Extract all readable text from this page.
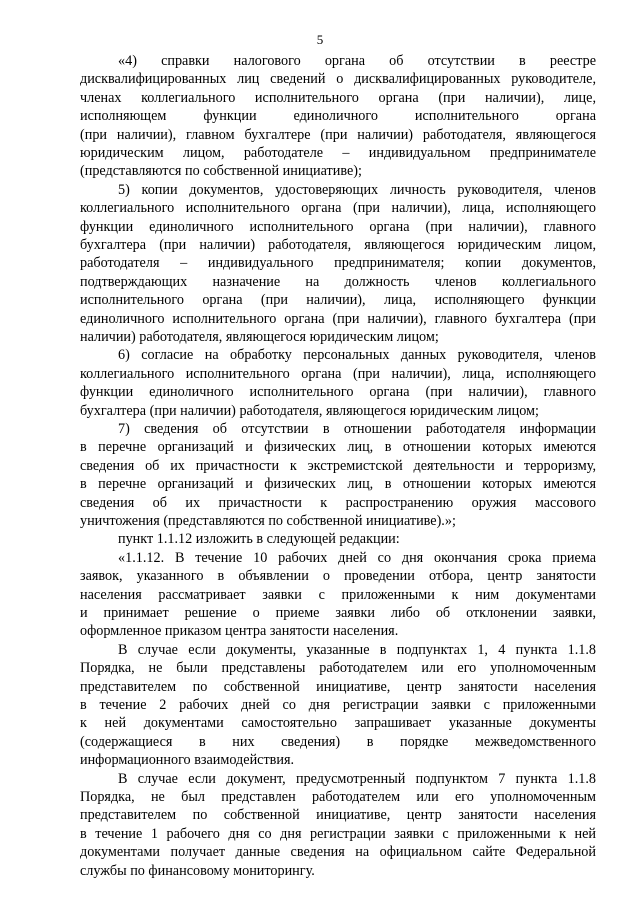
5
«4) справки налогового органа об отсутствии в реестре
дисквалифицированных лиц сведений о дисквалифицированных руководителе,
членах коллегиального исполнительного органа (при наличии), лице,
исполняющем функции единоличного исполнительного органа
(при наличии), главном бухгалтере (при наличии) работодателя, являющегося
юридическим лицом, работодателе – индивидуальном предпринимателе
(представляются по собственной инициативе);
5) копии документов, удостоверяющих личность руководителя, членов
коллегиального исполнительного органа (при наличии), лица, исполняющего
функции единоличного исполнительного органа (при наличии), главного
бухгалтера (при наличии) работодателя, являющегося юридическим лицом,
работодателя – индивидуального предпринимателя; копии документов,
подтверждающих назначение на должность членов коллегиального
исполнительного органа (при наличии), лица, исполняющего функции
единоличного исполнительного органа (при наличии), главного бухгалтера (при
наличии) работодателя, являющегося юридическим лицом;
6) согласие на обработку персональных данных руководителя, членов
коллегиального исполнительного органа (при наличии), лица, исполняющего
функции единоличного исполнительного органа (при наличии), главного
бухгалтера (при наличии) работодателя, являющегося юридическим лицом;
7) сведения об отсутствии в отношении работодателя информации
в перечне организаций и физических лиц, в отношении которых имеются
сведения об их причастности к экстремистской деятельности и терроризму,
в перечне организаций и физических лиц, в отношении которых имеются
сведения об их причастности к распространению оружия массового
уничтожения (представляются по собственной инициативе).»;
пункт 1.1.12 изложить в следующей редакции:
«1.1.12. В течение 10 рабочих дней со дня окончания срока приема
заявок, указанного в объявлении о проведении отбора, центр занятости
населения рассматривает заявки с приложенными к ним документами
и принимает решение о приеме заявки либо об отклонении заявки,
оформленное приказом центра занятости населения.
В случае если документы, указанные в подпунктах 1, 4 пункта 1.1.8
Порядка, не были представлены работодателем или его уполномоченным
представителем по собственной инициативе, центр занятости населения
в течение 2 рабочих дней со дня регистрации заявки с приложенными
к ней документами самостоятельно запрашивает указанные документы
(содержащиеся в них сведения) в порядке межведомственного
информационного взаимодействия.
В случае если документ, предусмотренный подпунктом 7 пункта 1.1.8
Порядка, не был представлен работодателем или его уполномоченным
представителем по собственной инициативе, центр занятости населения
в течение 1 рабочего дня со дня регистрации заявки с приложенными к ней
документами получает данные сведения на официальном сайте Федеральной
службы по финансовому мониторингу.
